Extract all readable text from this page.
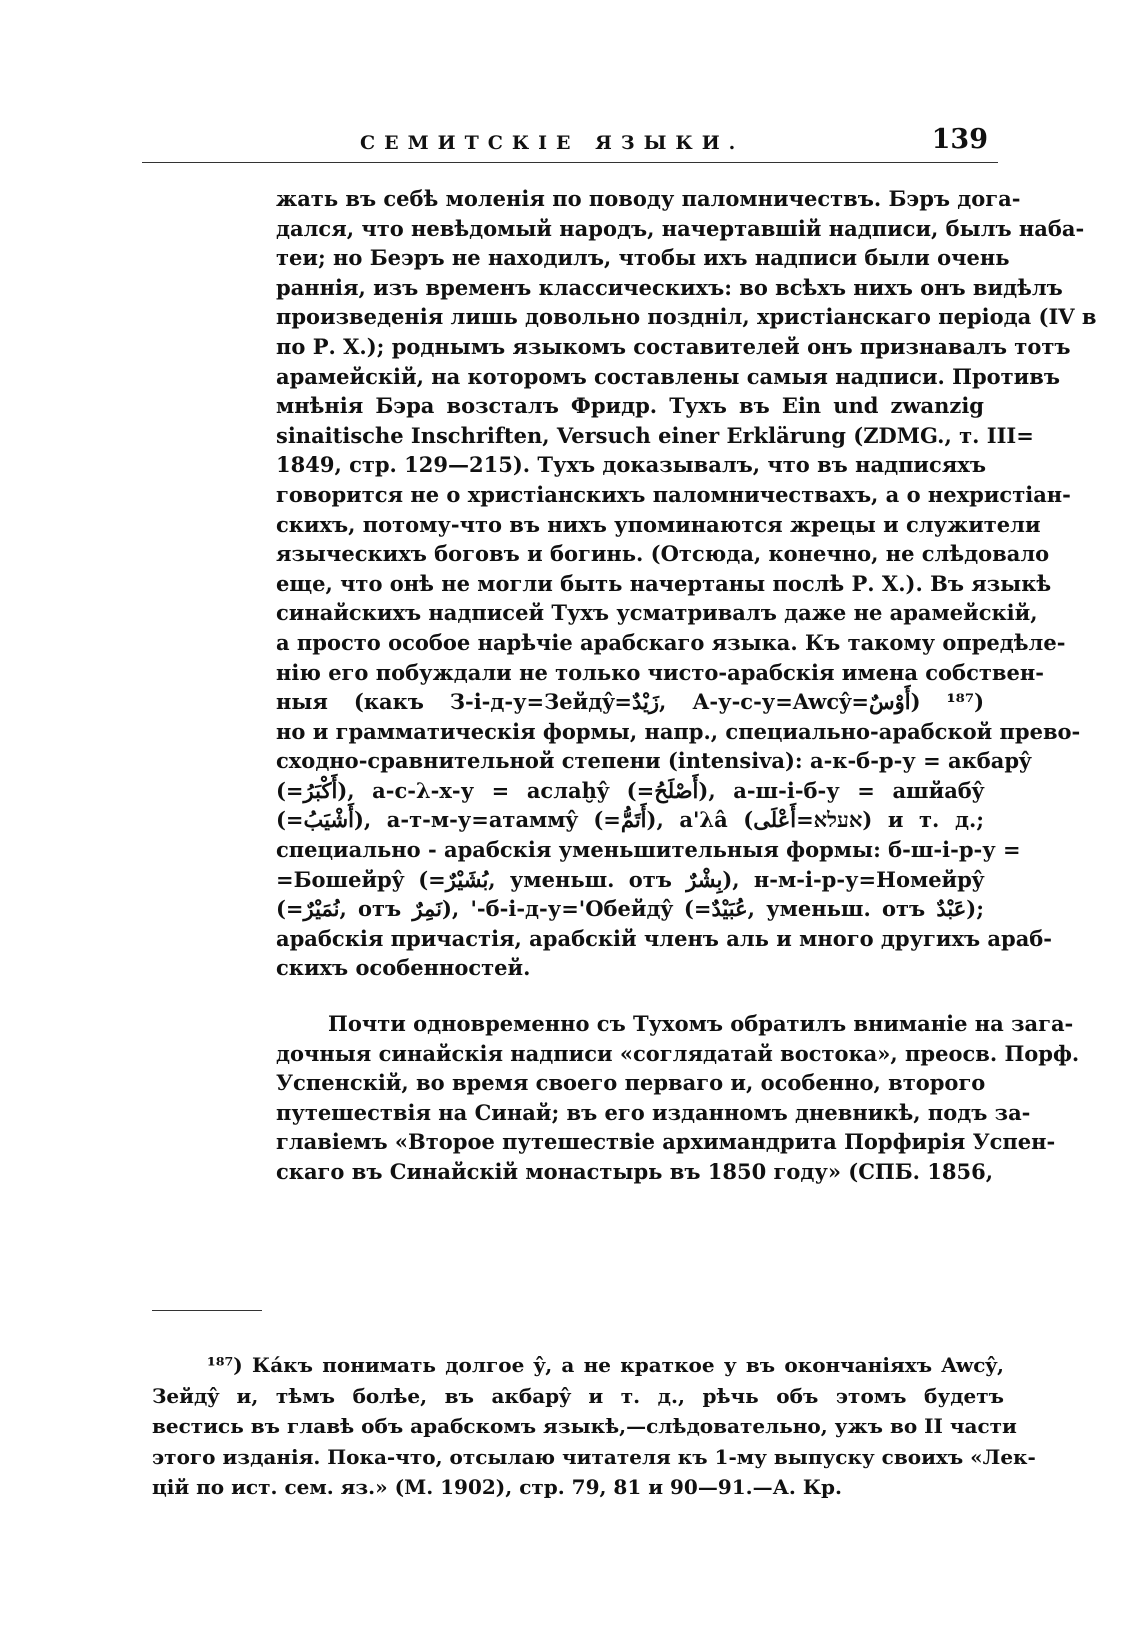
СЕМИТСКІЕ ЯЗЫКИ.	139
жать въ себѣ моленія по поводу паломничествъ. Бэръ дога-
дался, что невѣдомый народъ, начертавшій надписи, былъ наба-
теи; но Беэръ не находилъ, чтобы ихъ надписи были очень
раннія, изъ временъ классическихъ: во всѣхъ нихъ онъ видѣлъ
произведенія лишь довольно поздніл, христіанскаго періода (IV в
по Р. Х.); роднымъ языкомъ составителей онъ признавалъ тотъ
арамейскій, на которомъ составлены самыя надписи. Противъ
мнѣнія Бэра возсталъ Фридр. Тухъ въ Ein und zwanzig
sinaitische Inschriften, Versuch einer Erklärung (ZDMG., т. III=
1849, стр. 129—215). Тухъ доказывалъ, что въ надписяхъ
говорится не о христіанскихъ паломничествахъ, а о нехристіан-
скихъ, потому-что въ нихъ упоминаются жрецы и служители
языческихъ боговъ и богинь. (Отсюда, конечно, не слѣдовало
еще, что онѣ не могли быть начертаны послѣ Р. Х.). Въ языкѣ
синайскихъ надписей Тухъ усматривалъ даже не арамейскій,
а просто особое нарѣчіе арабскаго языка. Къ такому опредѣле-
нію его побуждали не только чисто-арабскія имена собствен-
ныя (какъ З-і-д-у=Зейдŷ=زَيْدٌ, А-у-с-у=Awсŷ=أَوْسٌ) ¹⁸⁷)
но и грамматическія формы, напр., специально-арабской прево-
сходно-сравнительной степени (intensiva): а-к-б-р-у = акбарŷ
(=أَكْبَرُ), а-с-λ-х-у = аслаḫŷ (=أَصْلَحُ), а-ш-і-б-у = ашйабŷ
(=أَشْيَبُ), а-т-м-у=атаммŷ (=أَتَمُّ), а'λâ (אעלא=أَعْلَى) и т. д.;
специально - арабскія уменьшительныя формы: б-ш-і-р-у =
=Бошейрŷ (=بُشَيْرٌ, уменьш. отъ بِشْرٌ), н-м-і-р-у=Номейрŷ
(=نُمَيْرٌ, отъ نَمِرٌ), '-б-і-д-у='Обейдŷ (=عُبَيْدٌ, уменьш. отъ عَبْدٌ);
арабскія причастія, арабскій членъ аль и много другихъ араб-
скихъ особенностей.
Почти одновременно съ Тухомъ обратилъ вниманіе на зага-
дочныя синайскія надписи «соглядатай востока», преосв. Порф.
Успенскій, во время своего перваго и, особенно, второго
путешествія на Синай; въ его изданномъ дневникѣ, подъ за-
главіемъ «Второе путешествіе архимандрита Порфирія Успен-
скаго въ Синайскій монастырь въ 1850 году» (СПБ. 1856,
¹⁸⁷) Кáкъ понимать долгое ŷ, а не краткое у въ окончаніяхъ Awсŷ,
Зейдŷ и, тѣмъ болѣе, въ акбарŷ и т. д., рѣчь объ этомъ будетъ
вестись въ главѣ объ арабскомъ языкѣ,—слѣдовательно, ужъ во II части
этого изданія. Пока-что, отсылаю читателя къ 1-му выпуску своихъ «Лек-
цій по ист. сем. яз.» (М. 1902), стр. 79, 81 и 90—91.—А. Кр.
